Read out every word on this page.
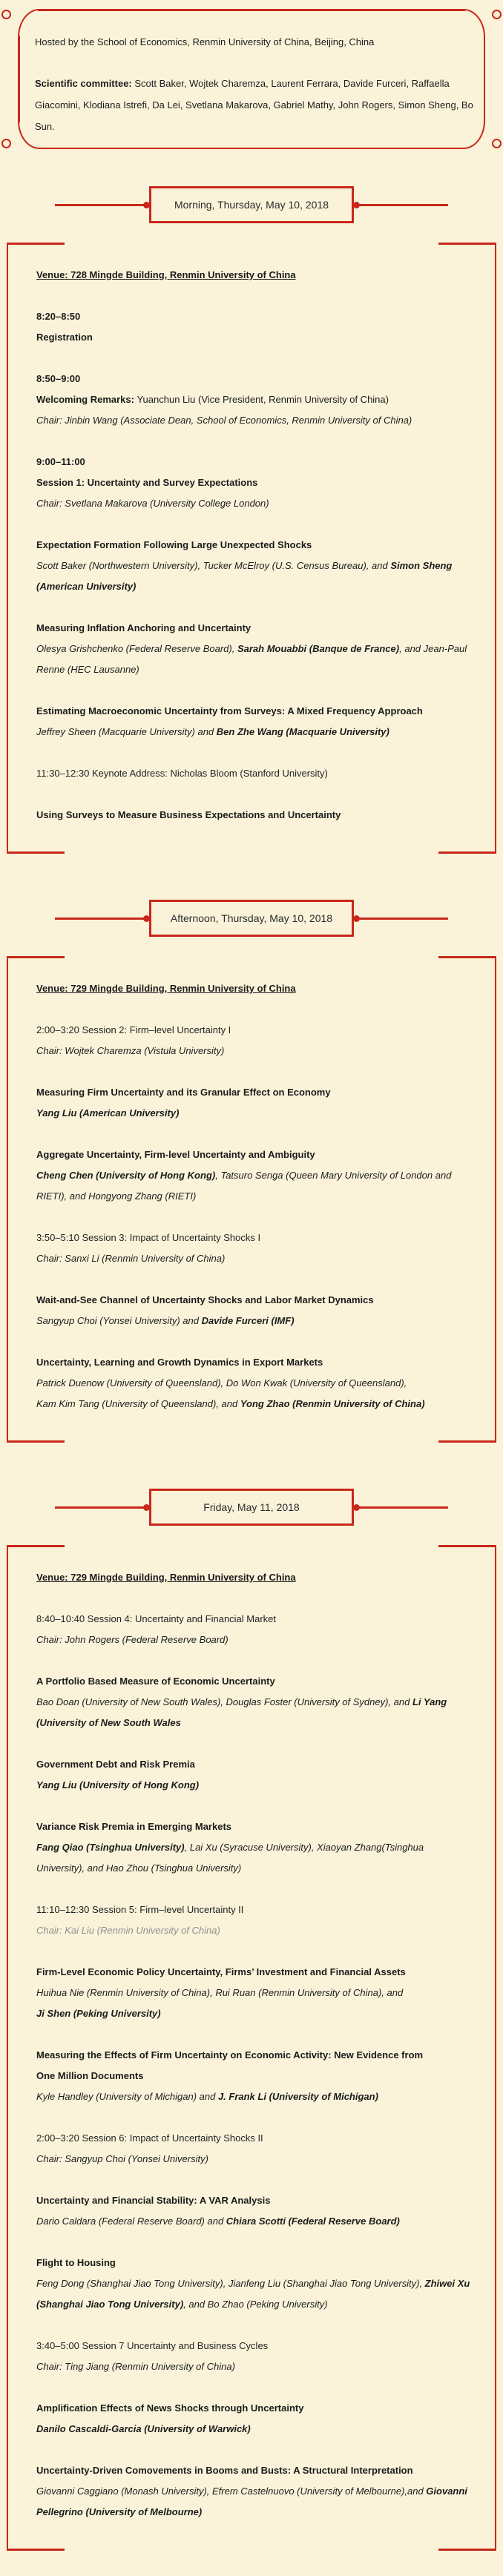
Hosted by the School of Economics, Renmin University of China, Beijing, China

Scientific committee: Scott Baker, Wojtek Charemza, Laurent Ferrara, Davide Furceri, Raffaella Giacomini, Klodiana Istrefi, Da Lei, Svetlana Makarova, Gabriel Mathy, John Rogers, Simon Sheng, Bo Sun.

Morning, Thursday, May 10, 2018

Venue: 728 Mingde Building, Renmin University of China

8:20–8:50

Registration

8:50–9:00

Welcoming Remarks: Yuanchun Liu (Vice President, Renmin University of China)

Chair: Jinbin Wang (Associate Dean, School of Economics, Renmin University of China)

9:00–11:00

Session 1: Uncertainty and Survey Expectations

Chair: Svetlana Makarova (University College London)

Expectation Formation Following Large Unexpected Shocks

Scott Baker (Northwestern University), Tucker McElroy (U.S. Census Bureau), and Simon Sheng (American University)

Measuring Inflation Anchoring and Uncertainty

Olesya Grishchenko (Federal Reserve Board), Sarah Mouabbi (Banque de France), and Jean-Paul Renne (HEC Lausanne)

Estimating Macroeconomic Uncertainty from Surveys: A Mixed Frequency Approach

Jeffrey Sheen (Macquarie University) and Ben Zhe Wang (Macquarie University)

11:30–12:30 Keynote Address: Nicholas Bloom (Stanford University)

Using Surveys to Measure Business Expectations and Uncertainty

Afternoon, Thursday, May 10, 2018

Venue: 729 Mingde Building, Renmin University of China

2:00–3:20 Session 2: Firm–level Uncertainty I

Chair: Wojtek Charemza (Vistula University)

Measuring Firm Uncertainty and its Granular Effect on Economy

Yang Liu (American University)

Aggregate Uncertainty, Firm-level Uncertainty and Ambiguity

Cheng Chen (University of Hong Kong), Tatsuro Senga (Queen Mary University of London and RIETI), and Hongyong Zhang (RIETI)

3:50–5:10 Session 3: Impact of Uncertainty Shocks I

Chair: Sanxi Li (Renmin University of China)

Wait-and-See Channel of Uncertainty Shocks and Labor Market Dynamics

Sangyup Choi (Yonsei University) and Davide Furceri (IMF)

Uncertainty, Learning and Growth Dynamics in Export Markets

Patrick Duenow (University of Queensland), Do Won Kwak (University of Queensland),

Kam Kim Tang (University of Queensland), and Yong Zhao (Renmin University of China)

Friday, May 11, 2018

Venue: 729 Mingde Building, Renmin University of China

8:40–10:40 Session 4: Uncertainty and Financial Market

Chair: John Rogers (Federal Reserve Board)

A Portfolio Based Measure of Economic Uncertainty

Bao Doan (University of New South Wales), Douglas Foster (University of Sydney), and Li Yang

(University of New South Wales

Government Debt and Risk Premia

Yang Liu (University of Hong Kong)

Variance Risk Premia in Emerging Markets

Fang Qiao (Tsinghua University), Lai Xu (Syracuse University), Xiaoyan Zhang(Tsinghua University), and Hao Zhou (Tsinghua University)

11:10–12:30 Session 5: Firm–level Uncertainty II

Chair: Kai Liu (Renmin University of China)

Firm-Level Economic Policy Uncertainty, Firms’ Investment and Financial Assets

Huihua Nie (Renmin University of China), Rui Ruan (Renmin University of China), and

Ji Shen (Peking University)

Measuring the Effects of Firm Uncertainty on Economic Activity: New Evidence from

One Million Documents

Kyle Handley (University of Michigan) and J. Frank Li (University of Michigan)

2:00–3:20 Session 6: Impact of Uncertainty Shocks II

Chair: Sangyup Choi (Yonsei University)

Uncertainty and Financial Stability: A VAR Analysis

Dario Caldara (Federal Reserve Board) and Chiara Scotti (Federal Reserve Board)

Flight to Housing

Feng Dong (Shanghai Jiao Tong University), Jianfeng Liu (Shanghai Jiao Tong University), Zhiwei Xu (Shanghai Jiao Tong University), and Bo Zhao (Peking University)

3:40–5:00 Session 7 Uncertainty and Business Cycles

Chair: Ting Jiang (Renmin University of China)

Amplification Effects of News Shocks through Uncertainty

Danilo Cascaldi-Garcia (University of Warwick)

Uncertainty-Driven Comovements in Booms and Busts: A Structural Interpretation

Giovanni Caggiano (Monash University), Efrem Castelnuovo (University of Melbourne),and Giovanni Pellegrino (University of Melbourne)
